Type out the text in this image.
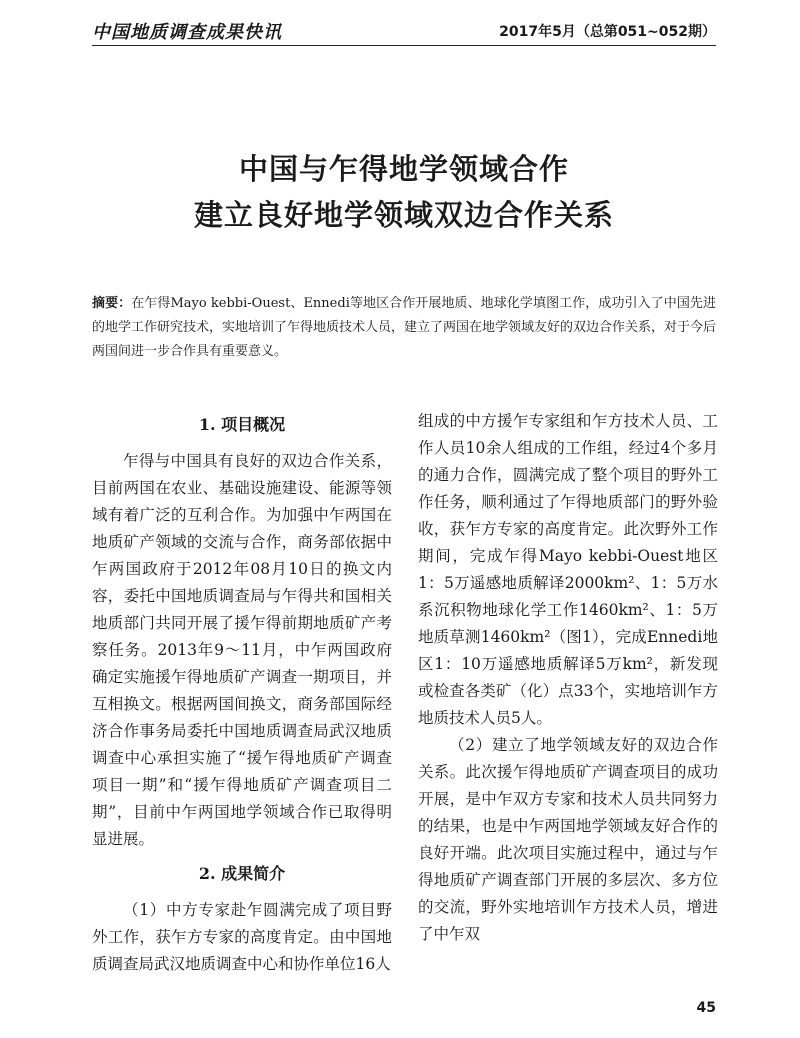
中国地质调查成果快讯	2017年5月（总第051~052期）
中国与乍得地学领域合作
建立良好地学领域双边合作关系
摘要：在乍得Mayo kebbi-Ouest、Ennedi等地区合作开展地质、地球化学填图工作，成功引入了中国先进的地学工作研究技术，实地培训了乍得地质技术人员，建立了两国在地学领域友好的双边合作关系，对于今后两国间进一步合作具有重要意义。

1. 项目概况

乍得与中国具有良好的双边合作关系，目前两国在农业、基础设施建设、能源等领域有着广泛的互利合作。为加强中乍两国在地质矿产领域的交流与合作，商务部依据中乍两国政府于2012年08月10日的换文内容，委托中国地质调查局与乍得共和国相关地质部门共同开展了援乍得前期地质矿产考察任务。2013年9～11月，中乍两国政府确定实施援乍得地质矿产调查一期项目，并互相换文。根据两国间换文，商务部国际经济合作事务局委托中国地质调查局武汉地质调查中心承担实施了“援乍得地质矿产调查项目一期”和“援乍得地质矿产调查项目二期”，目前中乍两国地学领域合作已取得明显进展。

2. 成果简介

（1）中方专家赴乍圆满完成了项目野外工作，获乍方专家的高度肯定。由中国地质调查局武汉地质调查中心和协作单位16人

组成的中方援乍专家组和乍方技术人员、工作人员10余人组成的工作组，经过4个多月的通力合作，圆满完成了整个项目的野外工作任务，顺利通过了乍得地质部门的野外验收，获乍方专家的高度肯定。此次野外工作期间，完成乍得Mayo kebbi-Ouest地区1：5万遥感地质解译2000km²、1：5万水系沉积物地球化学工作1460km²、1：5万地质草测1460km²（图1），完成Ennedi地区1：10万遥感地质解译5万km²，新发现或检查各类矿（化）点33个，实地培训乍方地质技术人员5人。

（2）建立了地学领域友好的双边合作关系。此次援乍得地质矿产调查项目的成功开展，是中乍双方专家和技术人员共同努力的结果，也是中乍两国地学领域友好合作的良好开端。此次项目实施过程中，通过与乍得地质矿产调查部门开展的多层次、多方位的交流，野外实地培训乍方技术人员，增进了中乍双

45
